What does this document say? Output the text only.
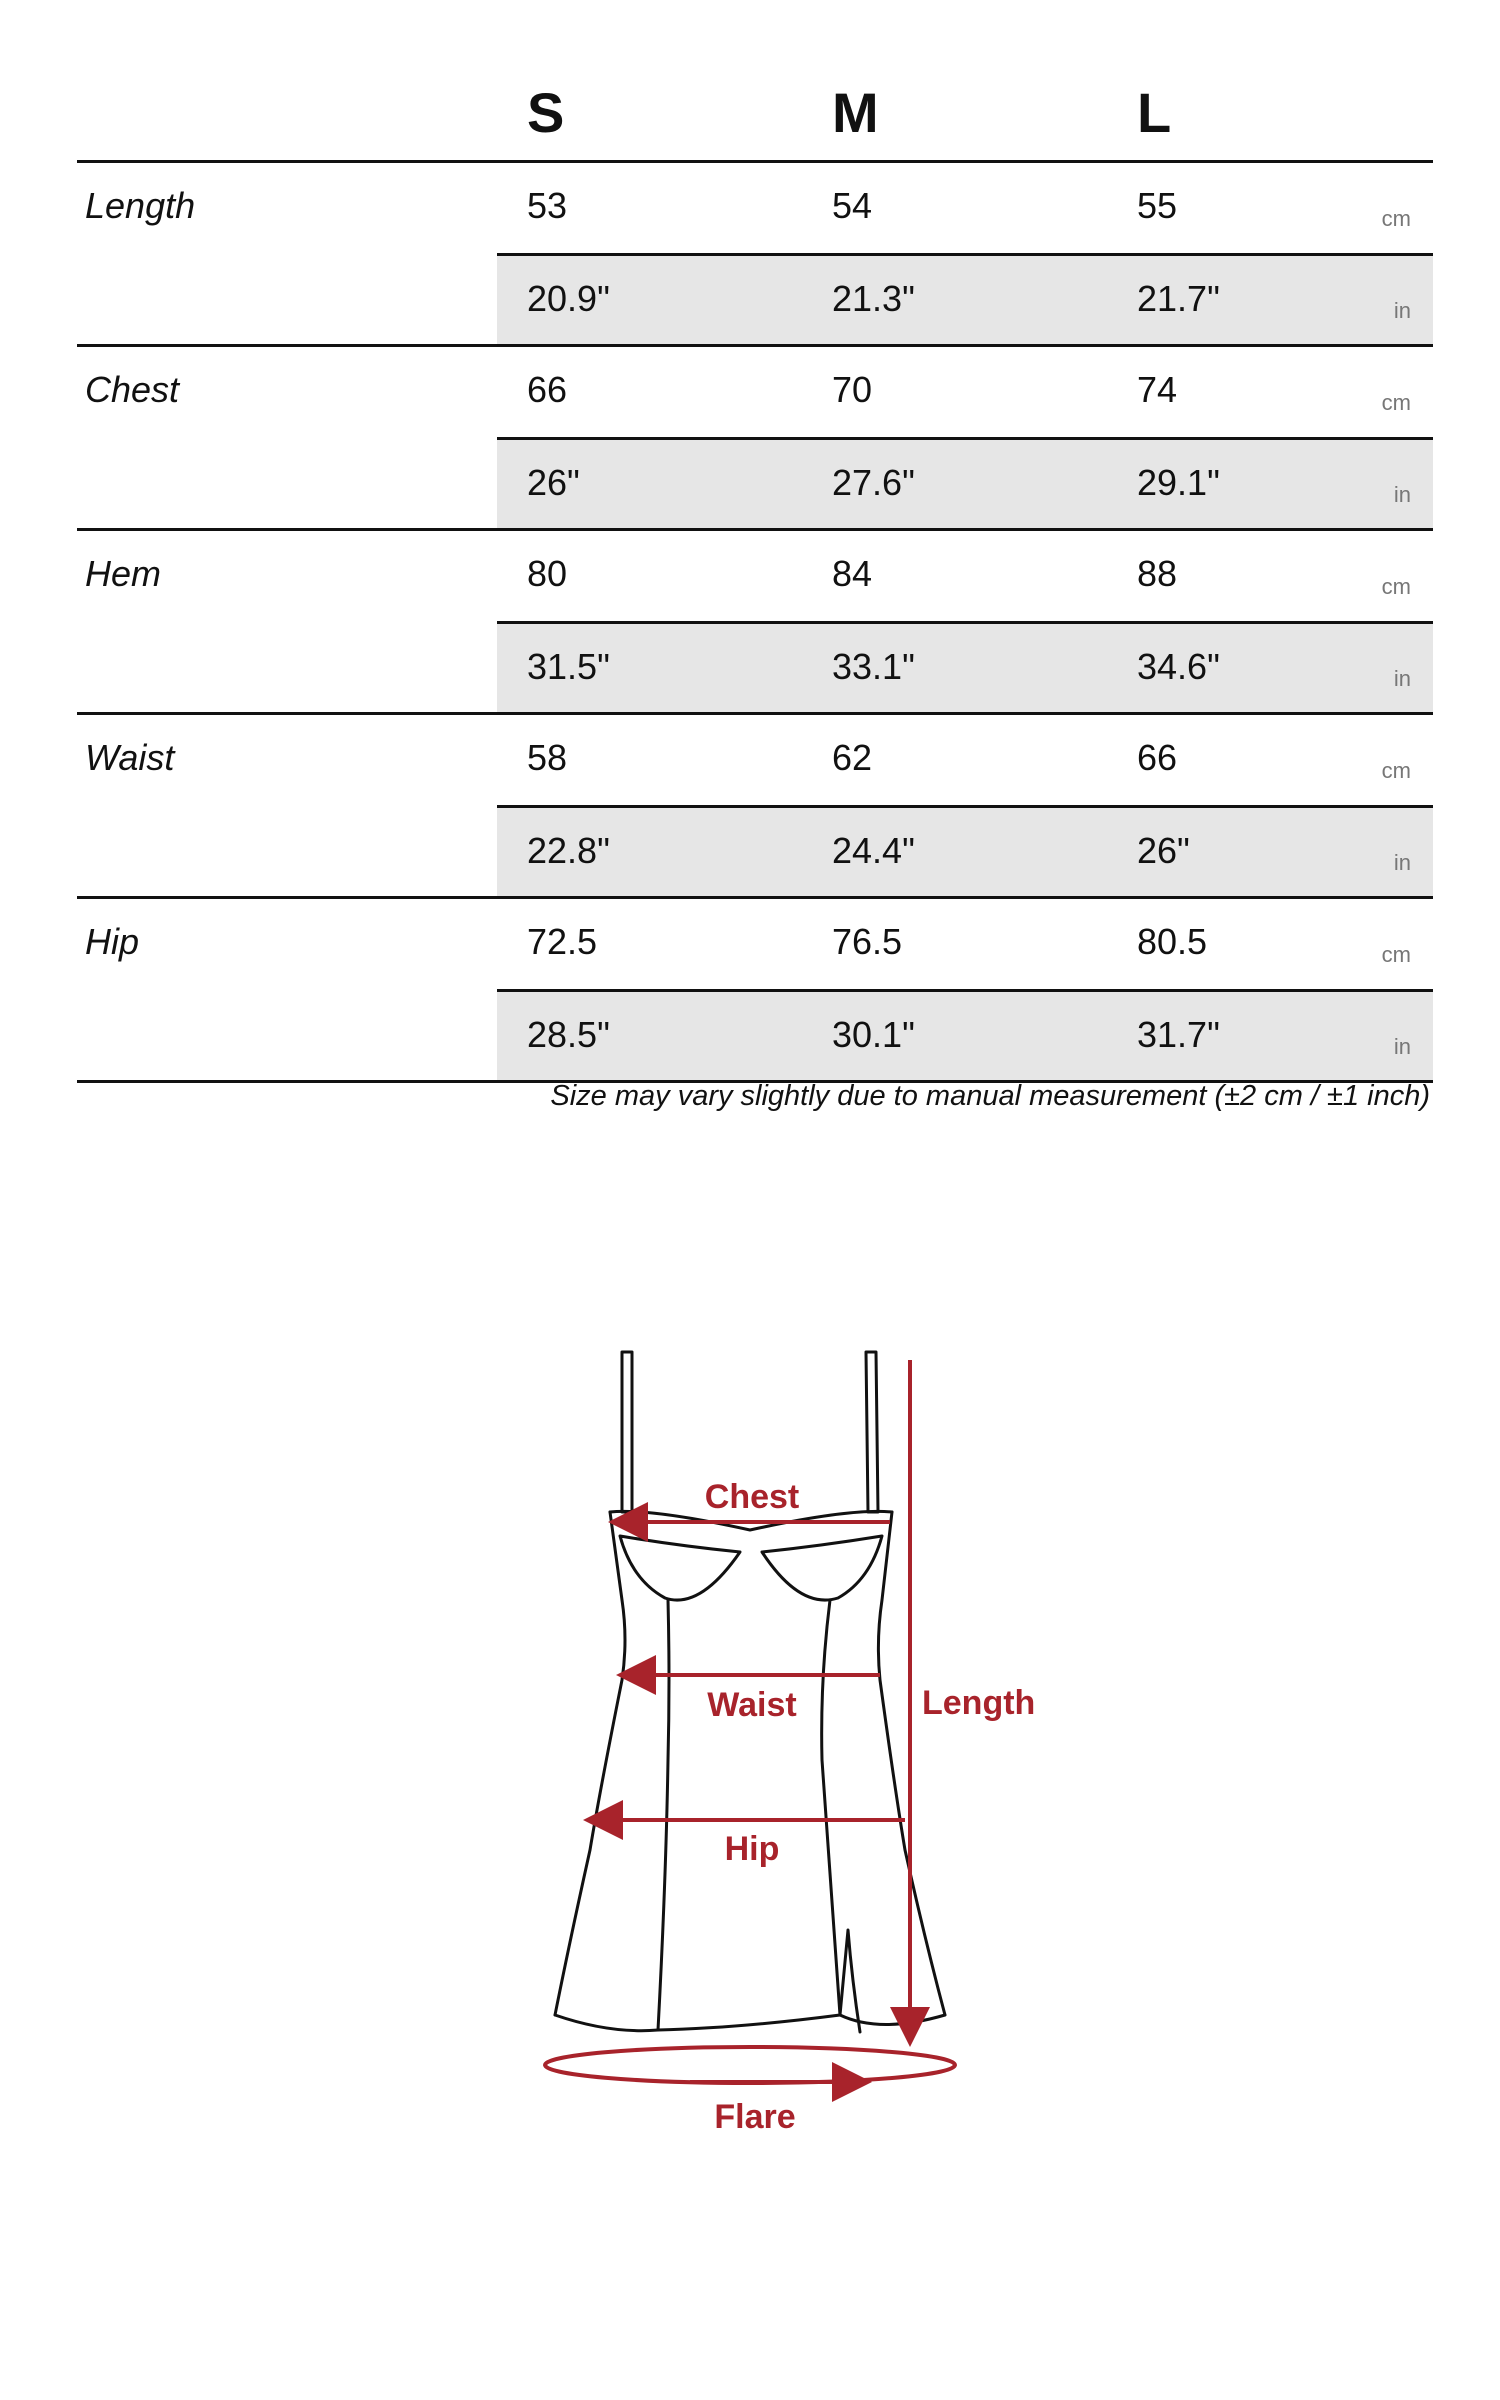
S	M	L
Length	53	54	55	cm
20.9"	21.3"	21.7"	in
Chest	66	70	74	cm
26"	27.6"	29.1"	in
Hem	80	84	88	cm
31.5"	33.1"	34.6"	in
Waist	58	62	66	cm
22.8"	24.4"	26"	in
Hip	72.5	76.5	80.5	cm
28.5"	30.1"	31.7"	in
Size may vary slightly due to manual measurement (±2 cm / ±1 inch)
Chest
Waist	Length
Hip
Flare
